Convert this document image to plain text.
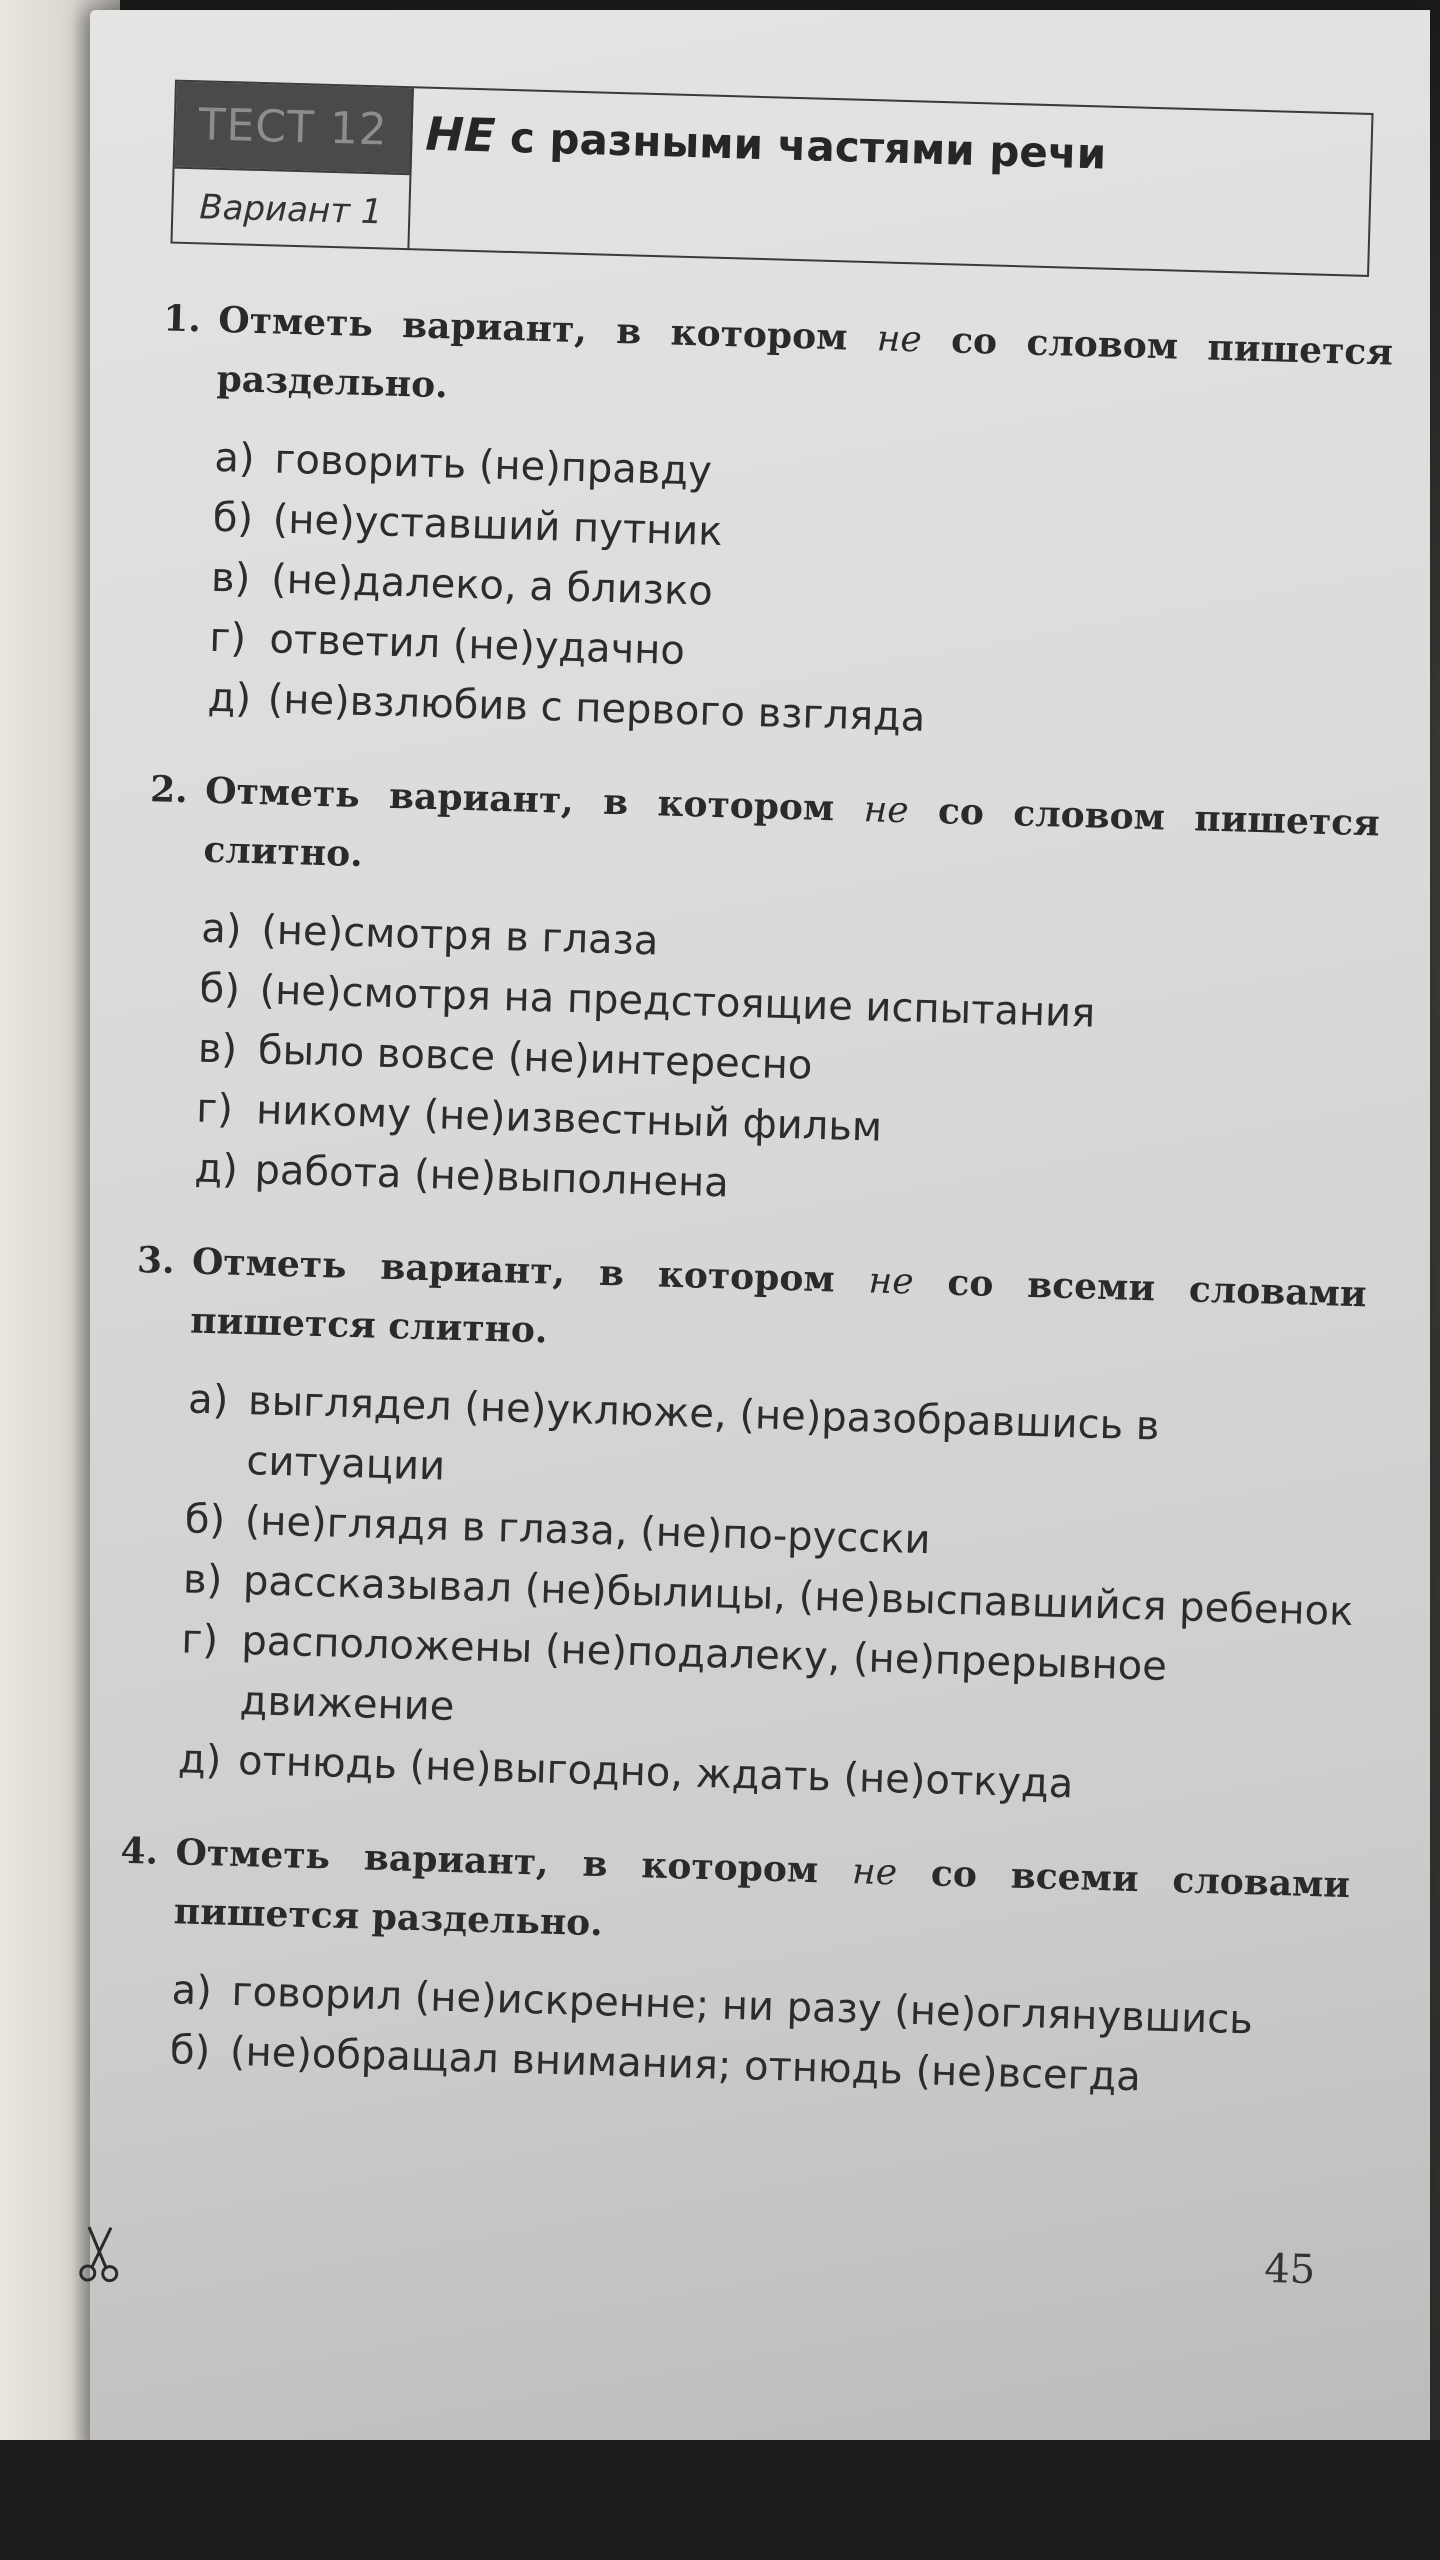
ТЕСТ 12
Вариант 1
НЕ с разными частями речи
1. Отметь вариант, в котором не со словом пишется раздельно.
а) говорить (не)правду
б) (не)уставший путник
в) (не)далеко, а близко
г) ответил (не)удачно
д) (не)взлюбив с первого взгляда
2. Отметь вариант, в котором не со словом пишется слитно.
а) (не)смотря в глаза
б) (не)смотря на предстоящие испытания
в) было вовсе (не)интересно
г) никому (не)известный фильм
д) работа (не)выполнена
3. Отметь вариант, в котором не со всеми словами пишется слитно.
а) выглядел (не)уклюже, (не)разобравшись в ситуации
б) (не)глядя в глаза, (не)по-русски
в) рассказывал (не)былицы, (не)выспавшийся ребенок
г) расположены (не)подалеку, (не)прерывное движение
д) отнюдь (не)выгодно, ждать (не)откуда
4. Отметь вариант, в котором не со всеми словами пишется раздельно.
а) говорил (не)искренне; ни разу (не)оглянувшись
б) (не)обращал внимания; отнюдь (не)всегда
45
